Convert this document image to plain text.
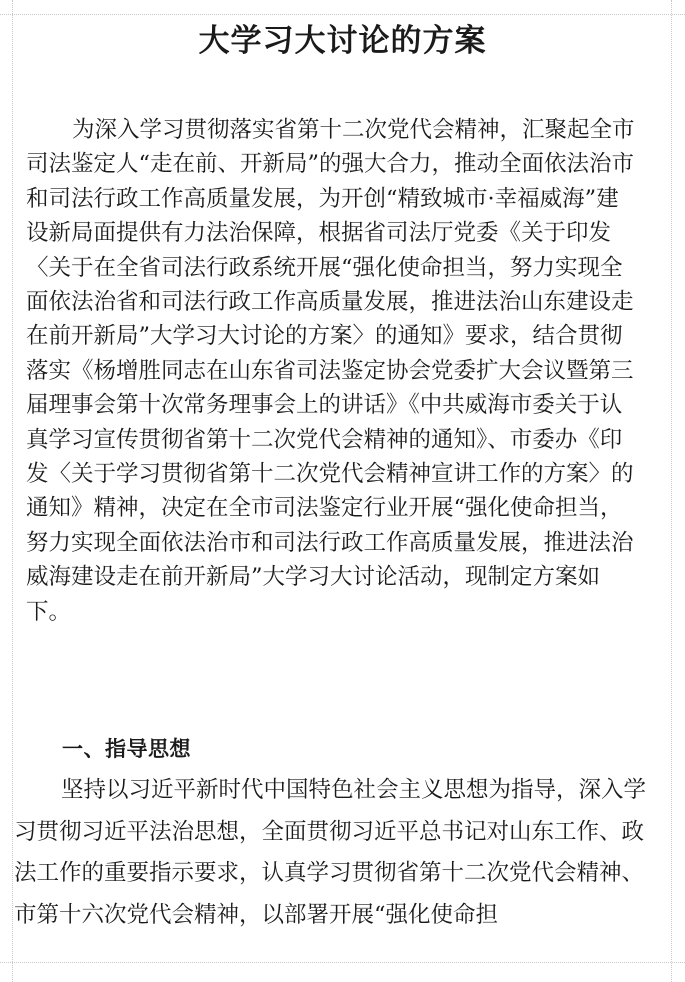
大学习大讨论的方案

为深入学习贯彻落实省第十二次党代会精神，汇聚起全市司法鉴定人“走在前、开新局”的强大合力，推动全面依法治市和司法行政工作高质量发展，为开创“精致城市·幸福威海”建设新局面提供有力法治保障，根据省司法厅党委《关于印发〈关于在全省司法行政系统开展“强化使命担当，努力实现全面依法治省和司法行政工作高质量发展，推进法治山东建设走在前开新局”大学习大讨论的方案〉的通知》要求，结合贯彻落实《杨增胜同志在山东省司法鉴定协会党委扩大会议暨第三届理事会第十次常务理事会上的讲话》《中共威海市委关于认真学习宣传贯彻省第十二次党代会精神的通知》、市委办《印发〈关于学习贯彻省第十二次党代会精神宣讲工作的方案〉的通知》精神，决定在全市司法鉴定行业开展“强化使命担当，努力实现全面依法治市和司法行政工作高质量发展，推进法治威海建设走在前开新局”大学习大讨论活动，现制定方案如下。

一、指导思想

坚持以习近平新时代中国特色社会主义思想为指导，深入学习贯彻习近平法治思想，全面贯彻习近平总书记对山东工作、政法工作的重要指示要求，认真学习贯彻省第十二次党代会精神、市第十六次党代会精神，以部署开展“强化使命担
